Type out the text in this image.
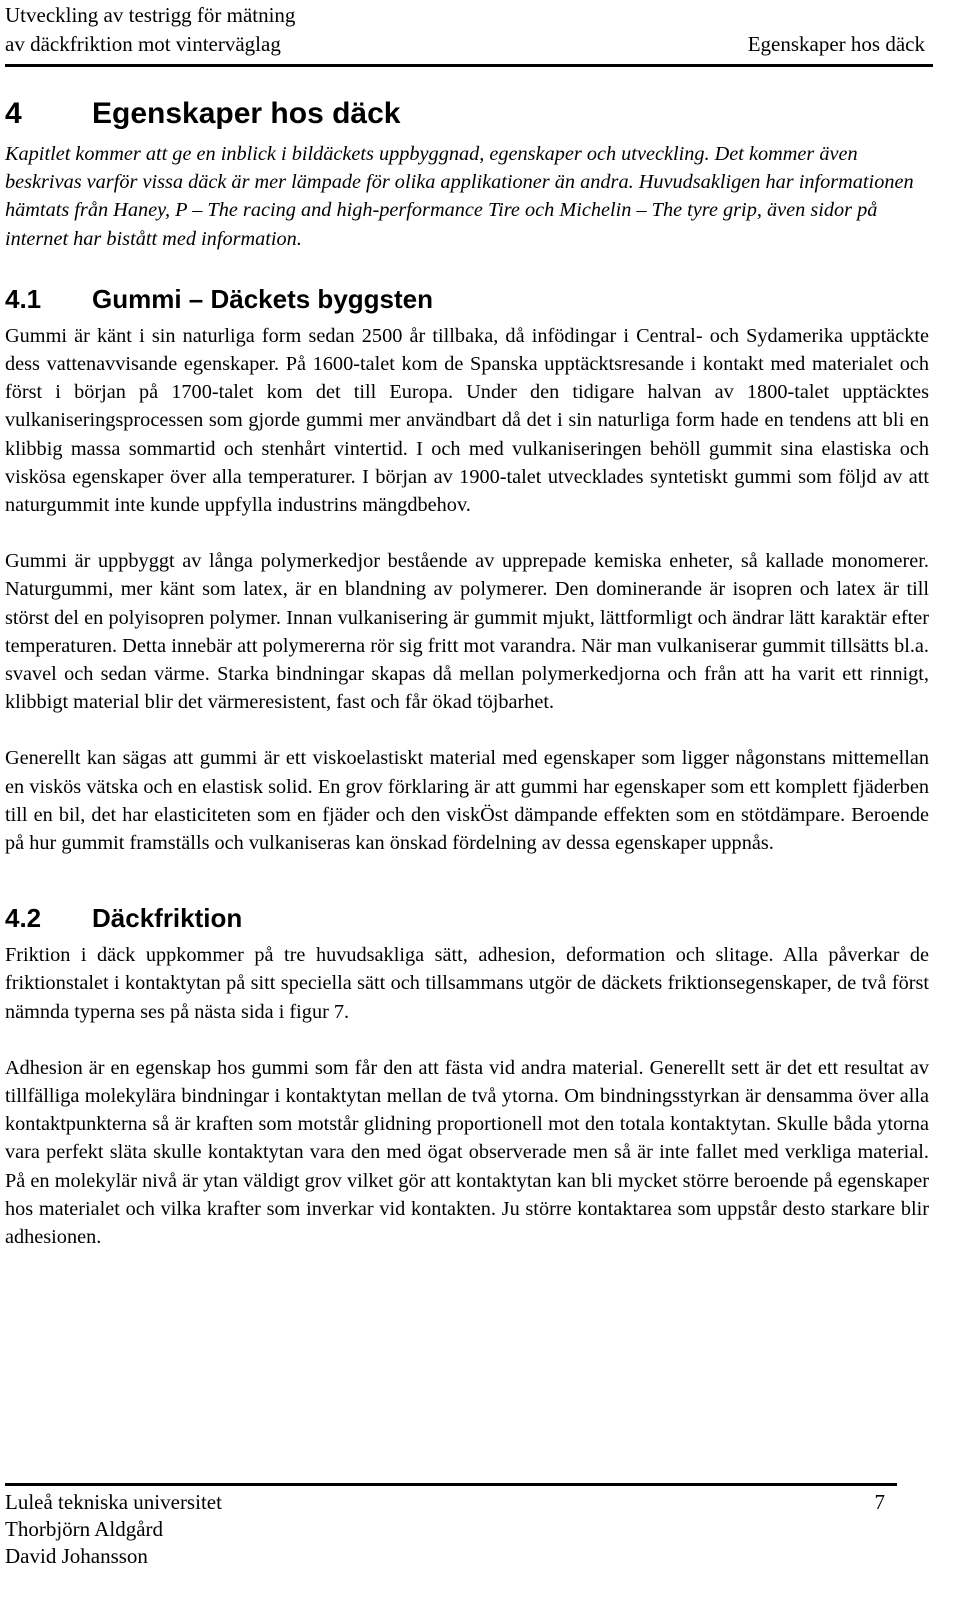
Utveckling av testrigg för mätning
av däckfriktion mot vinterväglag	Egenskaper hos däck
4 Egenskaper hos däck
Kapitlet kommer att ge en inblick i bildäckets uppbyggnad, egenskaper och utveckling. Det kommer även beskrivas varför vissa däck är mer lämpade för olika applikationer än andra. Huvudsakligen har informationen hämtats från Haney, P – The racing and high-performance Tire och Michelin – The tyre grip, även sidor på internet har bistått med information.
4.1 Gummi – Däckets byggsten

Gummi är känt i sin naturliga form sedan 2500 år tillbaka, då infödingar i Central- och Sydamerika upptäckte dess vattenavvisande egenskaper. På 1600-talet kom de Spanska upptäcktsresande i kontakt med materialet och först i början på 1700-talet kom det till Europa. Under den tidigare halvan av 1800-talet upptäcktes vulkaniseringsprocessen som gjorde gummi mer användbart då det i sin naturliga form hade en tendens att bli en klibbig massa sommartid och stenhårt vintertid. I och med vulkaniseringen behöll gummit sina elastiska och viskösa egenskaper över alla temperaturer. I början av 1900-talet utvecklades syntetiskt gummi som följd av att naturgummit inte kunde uppfylla industrins mängdbehov.

Gummi är uppbyggt av långa polymerkedjor bestående av upprepade kemiska enheter, så kallade monomerer. Naturgummi, mer känt som latex, är en blandning av polymerer. Den dominerande är isopren och latex är till störst del en polyisopren polymer. Innan vulkanisering är gummit mjukt, lättformligt och ändrar lätt karaktär efter temperaturen. Detta innebär att polymererna rör sig fritt mot varandra. När man vulkaniserar gummit tillsätts bl.a. svavel och sedan värme. Starka bindningar skapas då mellan polymerkedjorna och från att ha varit ett rinnigt, klibbigt material blir det värmeresistent, fast och får ökad töjbarhet.

Generellt kan sägas att gummi är ett viskoelastiskt material med egenskaper som ligger någonstans mittemellan en viskös vätska och en elastisk solid. En grov förklaring är att gummi har egenskaper som ett komplett fjäderben till en bil, det har elasticiteten som en fjäder och den viskÖst dämpande effekten som en stötdämpare. Beroende på hur gummit framställs och vulkaniseras kan önskad fördelning av dessa egenskaper uppnås.

4.2 Däckfriktion

Friktion i däck uppkommer på tre huvudsakliga sätt, adhesion, deformation och slitage. Alla påverkar de friktionstalet i kontaktytan på sitt speciella sätt och tillsammans utgör de däckets friktionsegenskaper, de två först nämnda typerna ses på nästa sida i figur 7.

Adhesion är en egenskap hos gummi som får den att fästa vid andra material. Generellt sett är det ett resultat av tillfälliga molekylära bindningar i kontaktytan mellan de två ytorna. Om bindningsstyrkan är densamma över alla kontaktpunkterna så är kraften som motstår glidning proportionell mot den totala kontaktytan. Skulle båda ytorna vara perfekt släta skulle kontaktytan vara den med ögat observerade men så är inte fallet med verkliga material. På en molekylär nivå är ytan väldigt grov vilket gör att kontaktytan kan bli mycket större beroende på egenskaper hos materialet och vilka krafter som inverkar vid kontakten. Ju större kontaktarea som uppstår desto starkare blir adhesionen.

Luleå tekniska universitet
Thorbjörn Aldgård
David Johansson
7
